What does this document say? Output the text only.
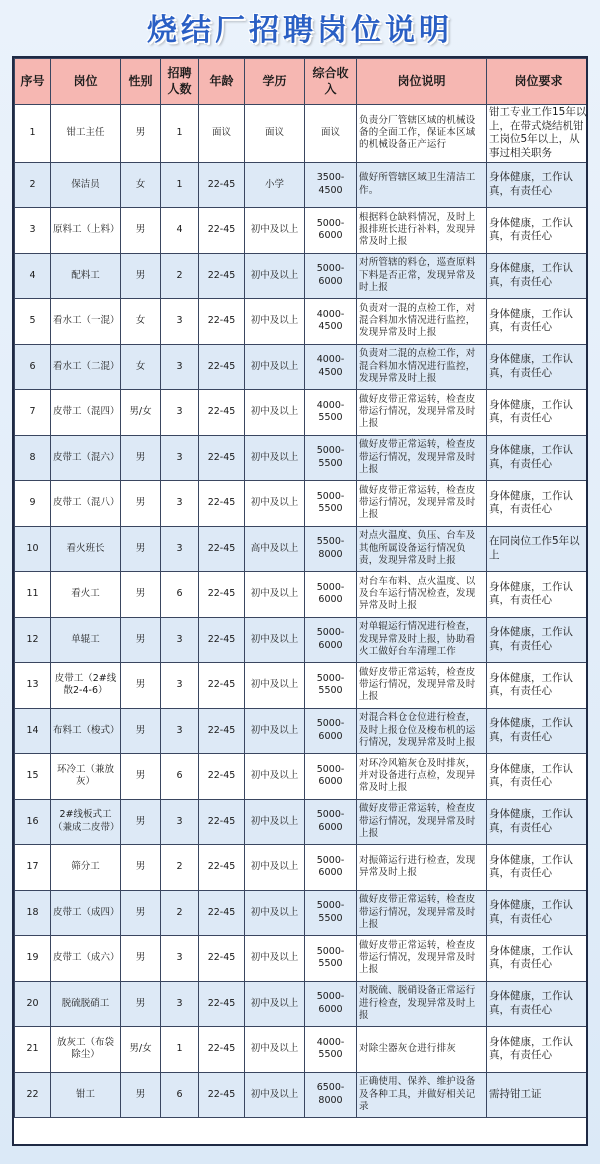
烧结厂招聘岗位说明
序号	岗位	性别	招聘人数	年龄	学历	综合收入	岗位说明	岗位要求
1	钳工主任	男	1	面议	面议	面议	负责分厂管辖区域的机械设备的全面工作，保证本区域的机械设备正产运行	钳工专业工作15年以上，在带式烧结机钳工岗位5年以上，从事过相关职务
2	保洁员	女	1	22-45	小学	3500-4500	做好所管辖区域卫生清洁工作。	身体健康，工作认真，有责任心
3	原料工（上料）	男	4	22-45	初中及以上	5000-6000	根据料仓缺料情况，及时上报排班长进行补料，发现异常及时上报	身体健康，工作认真，有责任心
4	配料工	男	2	22-45	初中及以上	5000-6000	对所管辖的料仓，巡查原料下料是否正常，发现异常及时上报	身体健康，工作认真，有责任心
5	看水工（一混）	女	3	22-45	初中及以上	4000-4500	负责对一混的点检工作，对混合料加水情况进行监控，发现异常及时上报	身体健康，工作认真，有责任心
6	看水工（二混）	女	3	22-45	初中及以上	4000-4500	负责对二混的点检工作，对混合料加水情况进行监控，发现异常及时上报	身体健康，工作认真，有责任心
7	皮带工（混四）	男/女	3	22-45	初中及以上	4000-5500	做好皮带正常运转，检查皮带运行情况，发现异常及时上报	身体健康，工作认真，有责任心
8	皮带工（混六）	男	3	22-45	初中及以上	5000-5500	做好皮带正常运转，检查皮带运行情况，发现异常及时上报	身体健康，工作认真，有责任心
9	皮带工（混八）	男	3	22-45	初中及以上	5000-5500	做好皮带正常运转，检查皮带运行情况，发现异常及时上报	身体健康，工作认真，有责任心
10	看火班长	男	3	22-45	高中及以上	5500-8000	对点火温度、负压、台车及其他所属设备运行情况负责，发现异常及时上报	在同岗位工作5年以上
11	看火工	男	6	22-45	初中及以上	5000-6000	对台车布料、点火温度、以及台车运行情况检查，发现异常及时上报	身体健康，工作认真，有责任心
12	单辊工	男	3	22-45	初中及以上	5000-6000	对单辊运行情况进行检查，发现异常及时上报，协助看火工做好台车清理工作	身体健康，工作认真，有责任心
13	皮带工（2#线散2-4-6）	男	3	22-45	初中及以上	5000-5500	做好皮带正常运转，检查皮带运行情况，发现异常及时上报	身体健康，工作认真，有责任心
14	布料工（梭式）	男	3	22-45	初中及以上	5000-6000	对混合料仓仓位进行检查，及时上报仓位及梭布机的运行情况，发现异常及时上报	身体健康，工作认真，有责任心
15	环冷工（兼放灰）	男	6	22-45	初中及以上	5000-6000	对环冷风箱灰仓及时排灰，并对设备进行点检，发现异常及时上报	身体健康，工作认真，有责任心
16	2#线板式工（兼成二皮带）	男	3	22-45	初中及以上	5000-6000	做好皮带正常运转，检查皮带运行情况，发现异常及时上报	身体健康，工作认真，有责任心
17	筛分工	男	2	22-45	初中及以上	5000-6000	对振筛运行进行检查，发现异常及时上报	身体健康，工作认真，有责任心
18	皮带工（成四）	男	2	22-45	初中及以上	5000-5500	做好皮带正常运转，检查皮带运行情况，发现异常及时上报	身体健康，工作认真，有责任心
19	皮带工（成六）	男	3	22-45	初中及以上	5000-5500	做好皮带正常运转，检查皮带运行情况，发现异常及时上报	身体健康，工作认真，有责任心
20	脱硫脱硝工	男	3	22-45	初中及以上	5000-6000	对脱硫、脱硝设备正常运行进行检查，发现异常及时上报	身体健康，工作认真，有责任心
21	放灰工（布袋除尘）	男/女	1	22-45	初中及以上	4000-5500	对除尘器灰仓进行排灰	身体健康，工作认真，有责任心
22	钳工	男	6	22-45	初中及以上	6500-8000	正确使用、保养、维护设备及各种工具，并做好相关记录	需持钳工证
